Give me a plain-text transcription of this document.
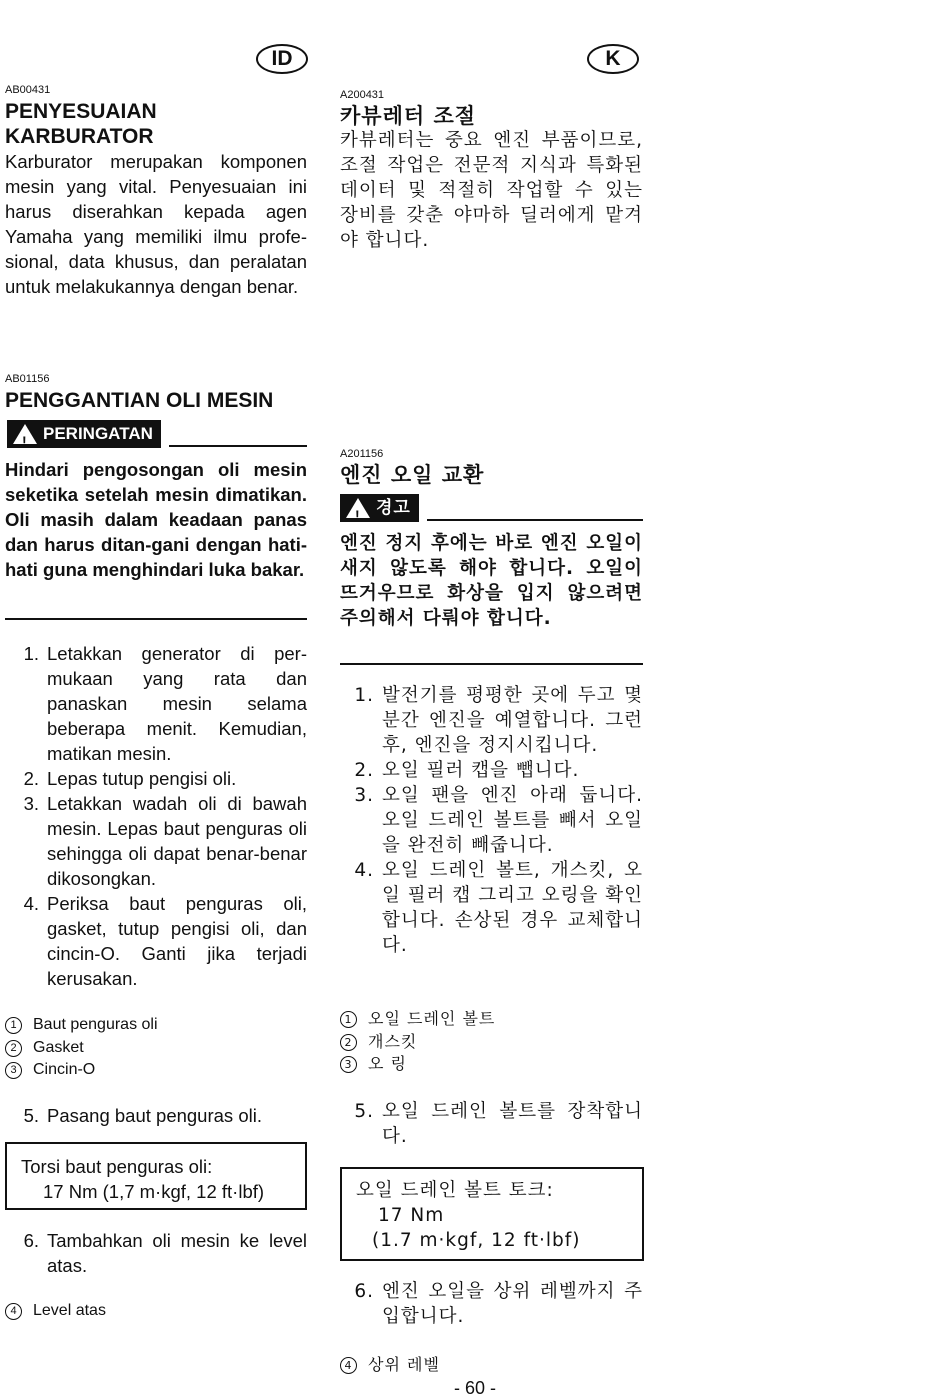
ID	K
AB00431
PENYESUAIAN KARBURATOR
Karburator merupakan komponen mesin yang vital. Penyesuaian ini harus diserahkan kepada agen Yamaha yang memiliki ilmu profe-sional, data khusus, dan peralatan untuk melakukannya dengan benar.
AB01156
PENGGANTIAN OLI MESIN
! PERINGATAN
Hindari pengosongan oli mesin seketika setelah mesin dimatikan. Oli masih dalam keadaan panas dan harus ditan-gani dengan hati-hati guna menghindari luka bakar.
1. Letakkan generator di per-mukaan yang rata dan panaskan mesin selama beberapa menit. Kemudian, matikan mesin.
2. Lepas tutup pengisi oli.
3. Letakkan wadah oli di bawah mesin. Lepas baut penguras oli sehingga oli dapat benar-benar dikosongkan.
4. Periksa baut penguras oli, gasket, tutup pengisi oli, dan cincin-O. Ganti jika terjadi kerusakan.
1	Baut penguras oli
2	Gasket
3	Cincin-O
5. Pasang baut penguras oli.
Torsi baut penguras oli:
17 Nm (1,7 m·kgf, 12 ft·lbf)
6. Tambahkan oli mesin ke level atas.
4	Level atas
A200431
카뷰레터 조절
카뷰레터는 중요 엔진 부품이므로, 조절 작업은 전문적 지식과 특화된 데이터 및 적절히 작업할 수 있는 장비를 갖춘 야마하 딜러에게 맡겨야 합니다.
A201156
엔진 오일 교환
! 경고
엔진 정지 후에는 바로 엔진 오일이 새지 않도록 해야 합니다. 오일이 뜨거우므로 화상을 입지 않으려면 주의해서 다뤄야 합니다.
1. 발전기를 평평한 곳에 두고 몇 분간 엔진을 예열합니다. 그런 후, 엔진을 정지시킵니다.
2. 오일 필러 캡을 뺍니다.
3. 오일 팬을 엔진 아래 둡니다. 오일 드레인 볼트를 빼서 오일을 완전히 빼줍니다.
4. 오일 드레인 볼트, 개스킷, 오일 필러 캡 그리고 오링을 확인합니다. 손상된 경우 교체합니다.
1 오일 드레인 볼트
2 개스킷
3 오 링
5. 오일 드레인 볼트를 장착합니다.
오일 드레인 볼트 토크:
17 Nm
(1.7 m·kgf, 12 ft·lbf)
6. 엔진 오일을 상위 레벨까지 주입합니다.
4 상위 레벨
- 60 -
